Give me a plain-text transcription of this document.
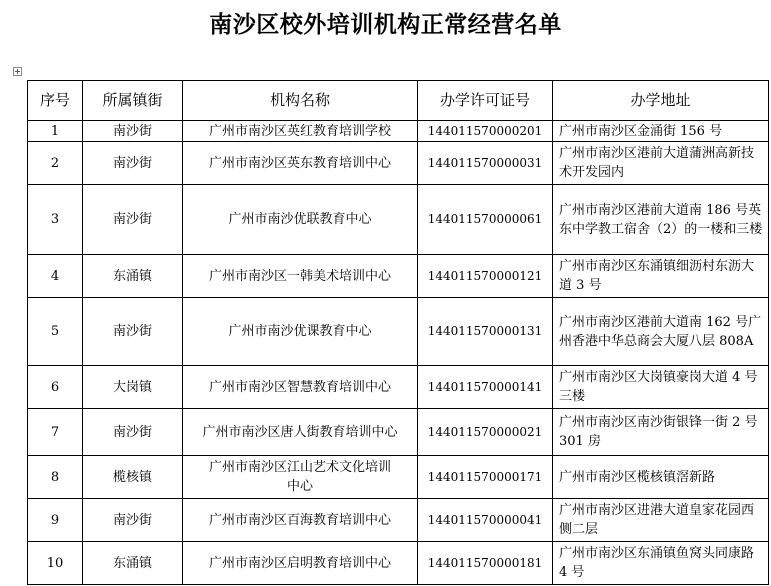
南沙区校外培训机构正常经营名单
序号	所属镇街	机构名称	办学许可证号	办学地址
1	南沙街	广州市南沙区英红教育培训学校	144011570000201	广州市南沙区金涌街 156 号
2	南沙街	广州市南沙区英东教育培训中心	144011570000031	广州市南沙区港前大道蒲洲高新技术开发园内
3	南沙街	广州市南沙优联教育中心	144011570000061	广州市南沙区港前大道南 186 号英东中学教工宿舍（2）的一楼和三楼
4	东涌镇	广州市南沙区一韩美术培训中心	144011570000121	广州市南沙区东涌镇细沥村东沥大道 3 号
5	南沙街	广州市南沙优课教育中心	144011570000131	广州市南沙区港前大道南 162 号广州香港中华总商会大厦八层 808A
6	大岗镇	广州市南沙区智慧教育培训中心	144011570000141	广州市南沙区大岗镇豪岗大道 4 号三楼
7	南沙街	广州市南沙区唐人街教育培训中心	144011570000021	广州市南沙区南沙街银锋一街 2 号 301 房
8	榄核镇	广州市南沙区江山艺术文化培训中心	144011570000171	广州市南沙区榄核镇滘新路
9	南沙街	广州市南沙区百海教育培训中心	144011570000041	广州市南沙区进港大道皇家花园西侧二层
10	东涌镇	广州市南沙区启明教育培训中心	144011570000181	广州市南沙区东涌镇鱼窝头同康路 4 号
